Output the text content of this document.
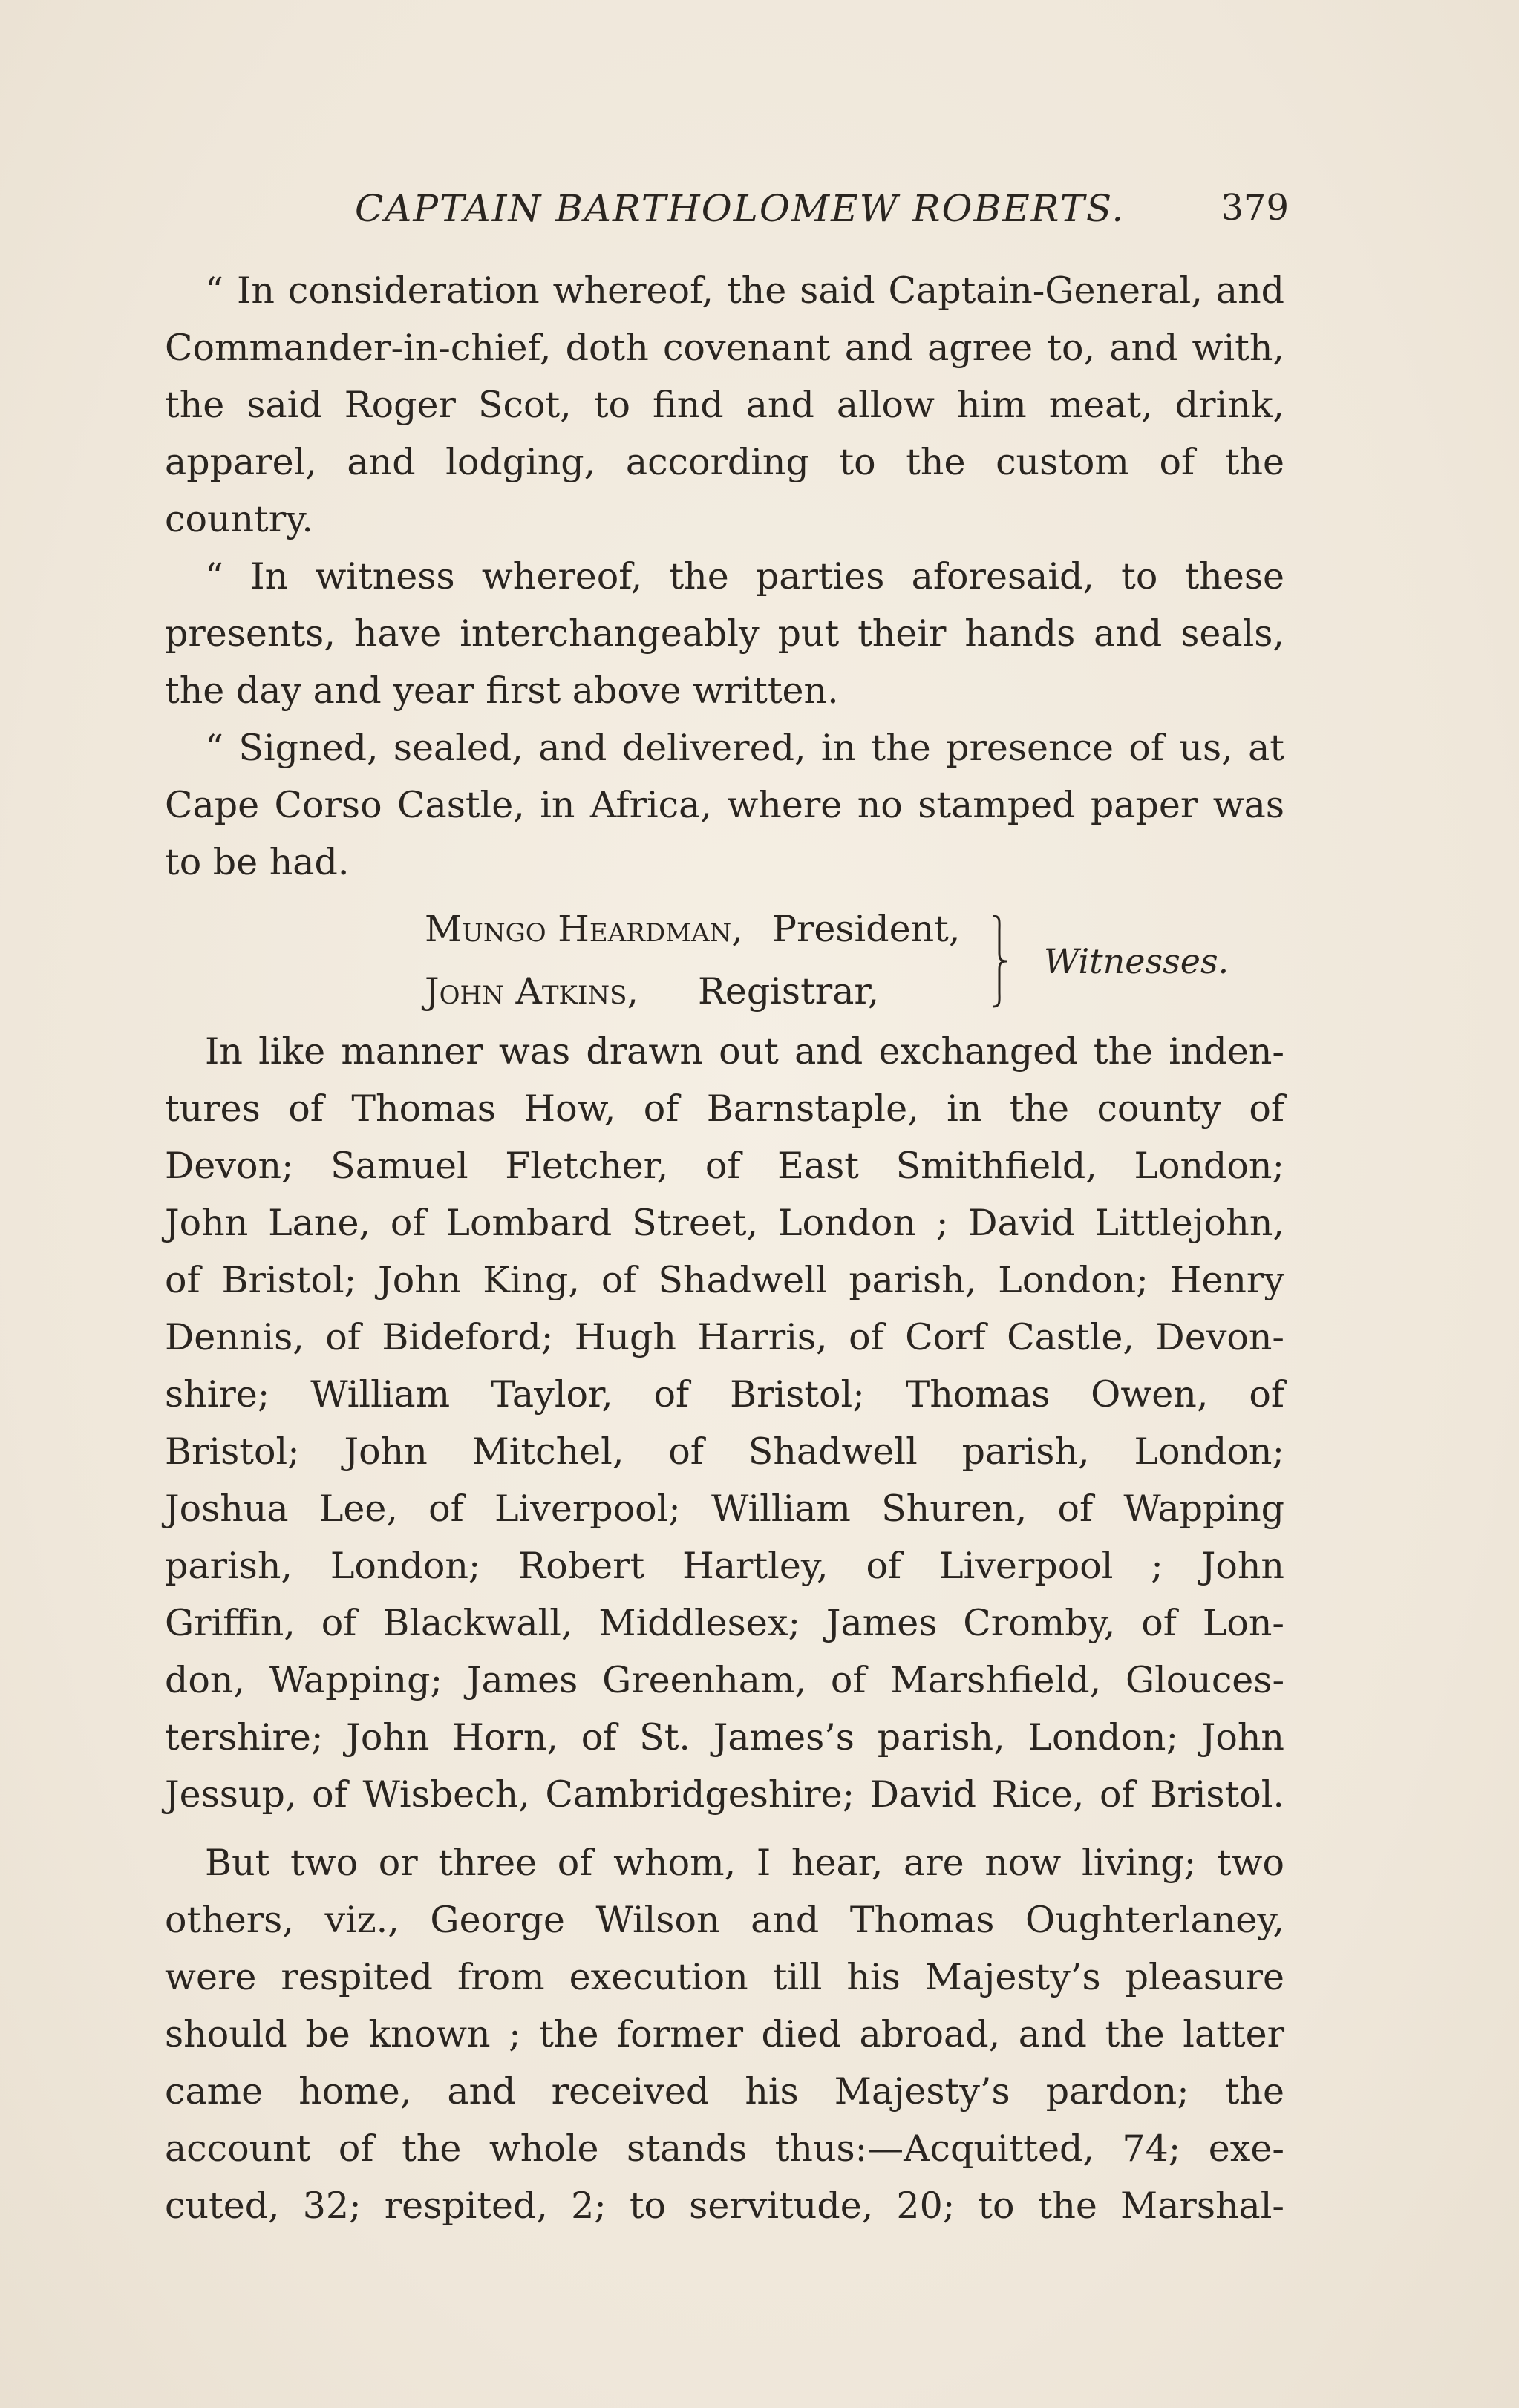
CAPTAIN BARTHOLOMEW ROBERTS.	379
“ In consideration whereof, the said Captain-General, and
Commander-in-chief, doth covenant and agree to, and with,
the said Roger Scot, to find and allow him meat, drink,
apparel, and lodging, according to the custom of the
country.
“ In witness whereof, the parties aforesaid, to these
presents, have interchangeably put their hands and seals,
the day and year first above written.
“ Signed, sealed, and delivered, in the presence of us, at
Cape Corso Castle, in Africa, where no stamped paper was
to be had.
Mungo Heardman, President,
John Atkins, Registrar,
Witnesses.
In like manner was drawn out and exchanged the inden-
tures of Thomas How, of Barnstaple, in the county of
Devon; Samuel Fletcher, of East Smithfield, London;
John Lane, of Lombard Street, London ; David Littlejohn,
of Bristol; John King, of Shadwell parish, London; Henry
Dennis, of Bideford; Hugh Harris, of Corf Castle, Devon-
shire; William Taylor, of Bristol; Thomas Owen, of
Bristol; John Mitchel, of Shadwell parish, London;
Joshua Lee, of Liverpool; William Shuren, of Wapping
parish, London; Robert Hartley, of Liverpool ; John
Griffin, of Blackwall, Middlesex; James Cromby, of Lon-
don, Wapping; James Greenham, of Marshfield, Glouces-
tershire; John Horn, of St. James’s parish, London; John
Jessup, of Wisbech, Cambridgeshire; David Rice, of Bristol.
But two or three of whom, I hear, are now living; two
others, viz., George Wilson and Thomas Oughterlaney,
were respited from execution till his Majesty’s pleasure
should be known ; the former died abroad, and the latter
came home, and received his Majesty’s pardon; the
account of the whole stands thus:—Acquitted, 74; exe-
cuted, 32; respited, 2; to servitude, 20; to the Marshal-
